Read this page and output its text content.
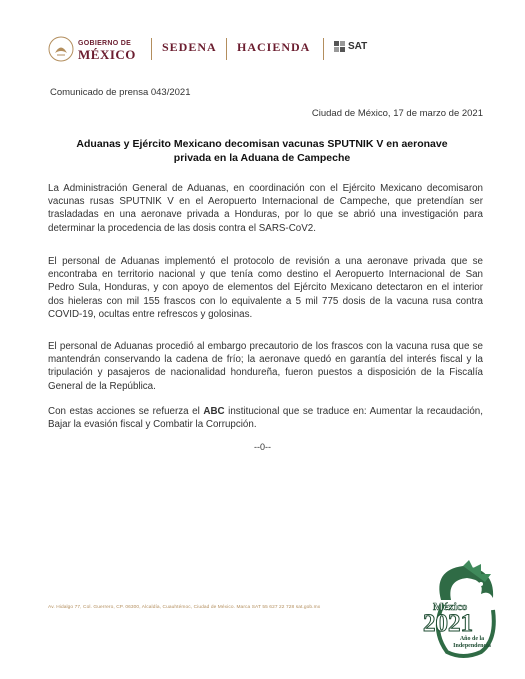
GOBIERNO DE
MÉXICO SEDENA HACIENDA	SAT
Comunicado de prensa 043/2021
Ciudad de México, 17 de marzo de 2021
Aduanas y Ejército Mexicano decomisan vacunas SPUTNIK V en aeronave privada en la Aduana de Campeche
La Administración General de Aduanas, en coordinación con el Ejército Mexicano decomisaron vacunas rusas SPUTNIK V en el Aeropuerto Internacional de Campeche, que pretendían ser trasladadas en una aeronave privada a Honduras, por lo que se abrió una investigación para determinar la procedencia de las dosis contra el SARS-CoV2.
El personal de Aduanas implementó el protocolo de revisión a una aeronave privada que se encontraba en territorio nacional y que tenía como destino el Aeropuerto Internacional de San Pedro Sula, Honduras, y con apoyo de elementos del Ejército Mexicano detectaron en el interior dos hieleras con mil 155 frascos con lo equivalente a 5 mil 775 dosis de la vacuna rusa contra COVID-19, ocultas entre refrescos y golosinas.
El personal de Aduanas procedió al embargo precautorio de los frascos con la vacuna rusa que se mantendrán conservando la cadena de frío; la aeronave quedó en garantía del interés fiscal y la tripulación y pasajeros de nacionalidad hondureña, fueron puestos a disposición de la Fiscalía General de la República.
Con estas acciones se refuerza el ABC institucional que se traduce en: Aumentar la recaudación, Bajar la evasión fiscal y Combatir la Corrupción.
--0--
Av. Hidalgo 77, Col. Guerrero, CP. 06300, Alcaldía, Cuauhtémoc, Ciudad de México. Marca SAT 55 627 22 728 sat.gob.mx	México
2021
Año de la Independencia
